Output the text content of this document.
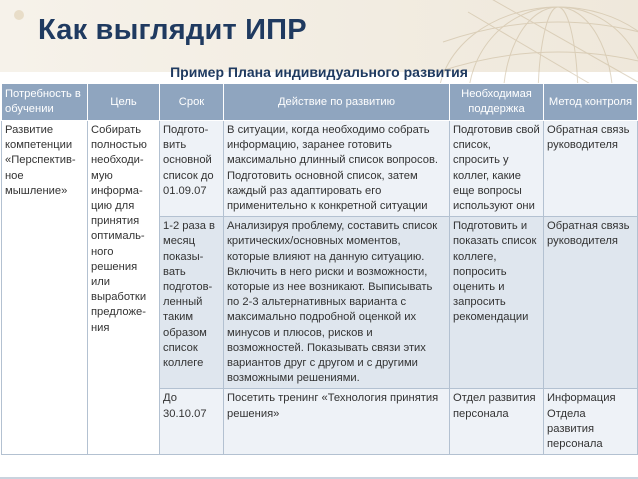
Как выглядит ИПР
Пример Плана индивидуального развития
Потребность в обучении	Цель	Срок	Действие по развитию	Необходимая поддержка	Метод контроля
Развитие компетенции «Перспектив-ное мышление»	Собирать полностью необходи-мую информа-цию для принятия оптималь-ного решения или выработки предложе-ния	Подгото-вить основной список до 01.09.07	В ситуации, когда необходимо собрать информацию, заранее готовить максимально длинный список вопросов. Подготовить основной список, затем каждый раз адаптировать его применительно к конкретной ситуации	Подготовив свой список, спросить у коллег, какие еще вопросы используют они	Обратная связь руководителя
		1-2 раза в месяц показы-вать подготов-ленный таким образом список коллеге	Анализируя проблему, составить список критических/основных моментов, которые влияют на данную ситуацию. Включить в него риски и возможности, которые из нее возникают. Выписывать по 2-3 альтернативных варианта с максимально подробной оценкой их минусов и плюсов, рисков и возможностей. Показывать связи этих вариантов друг с другом и с другими возможными решениями.	Подготовить и показать список коллеге, попросить оценить и запросить рекомендации	Обратная связь руководителя
		До 30.10.07	Посетить тренинг «Технология принятия решения»	Отдел развития персонала	Информация Отдела развития персонала
